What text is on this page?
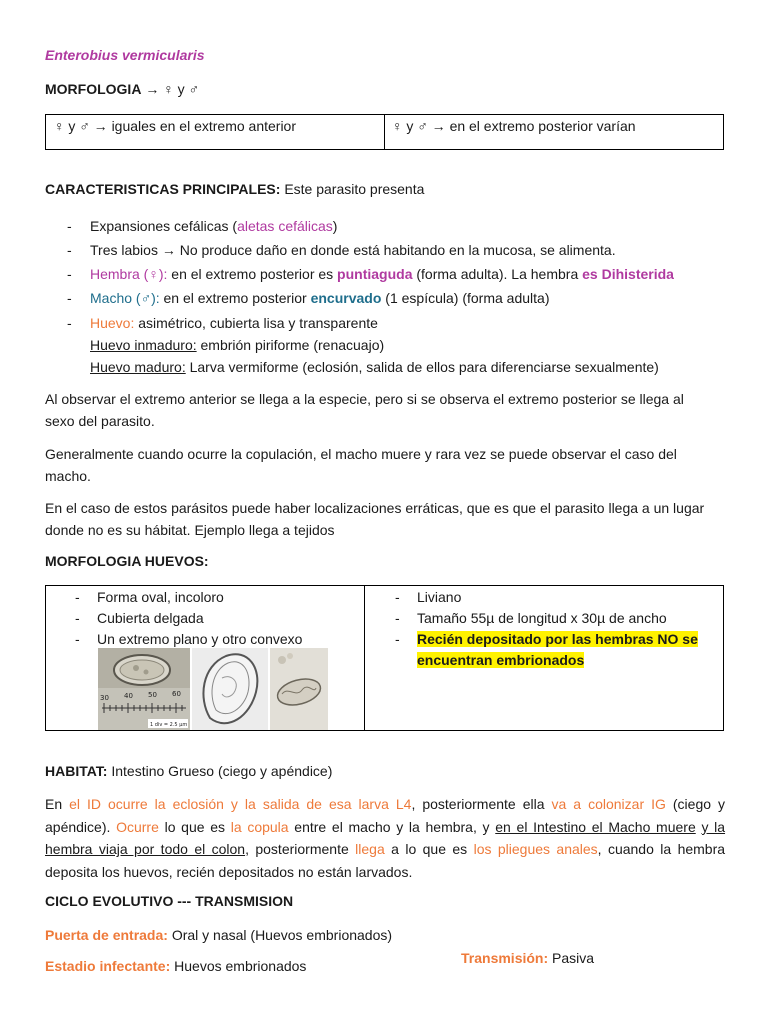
Enterobius vermicularis
MORFOLOGIA → ♀ y ♂
♀ y ♂ → iguales en el extremo anterior	♀ y ♂ → en el extremo posterior varían
CARACTERISTICAS PRINCIPALES: Este parasito presenta
- Expansiones cefálicas (aletas cefálicas)
- Tres labios → No produce daño en donde está habitando en la mucosa, se alimenta.
- Hembra (♀): en el extremo posterior es puntiaguda (forma adulta). La hembra es Dihisterida
- Macho (♂): en el extremo posterior encurvado (1 espícula) (forma adulta)
- Huevo: asimétrico, cubierta lisa y transparente
Huevo inmaduro: embrión piriforme (renacuajo)
Huevo maduro: Larva vermiforme (eclosión, salida de ellos para diferenciarse sexualmente)

Al observar el extremo anterior se llega a la especie, pero si se observa el extremo posterior se llega al sexo del parasito.

Generalmente cuando ocurre la copulación, el macho muere y rara vez se puede observar el caso del macho.

En el caso de estos parásitos puede haber localizaciones erráticas, que es que el parasito llega a un lugar donde no es su hábitat. Ejemplo llega a tejidos

MORFOLOGIA HUEVOS:
- Forma oval, incoloro
- Cubierta delgada
- Un extremo plano y otro convexo
30 40 50 60
1 div = 2.5 µm
- Liviano
- Tamaño 55µ de longitud x 30µ de ancho
- Recién depositado por las hembras NO se
encuentran embrionados
HABITAT: Intestino Grueso (ciego y apéndice)

En el ID ocurre la eclosión y la salida de esa larva L4, posteriormente ella va a colonizar IG (ciego y apéndice). Ocurre lo que es la copula entre el macho y la hembra, y en el Intestino el Macho muere y la hembra viaja por todo el colon, posteriormente llega a lo que es los pliegues anales, cuando la hembra deposita los huevos, recién depositados no están larvados.

CICLO EVOLUTIVO --- TRANSMISION
Puerta de entrada: Oral y nasal (Huevos embrionados)
Transmisión: Pasiva
Estadio infectante: Huevos embrionados
